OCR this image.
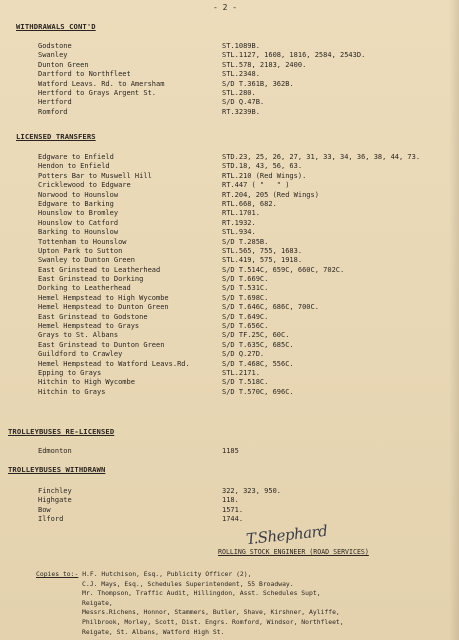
- 2 -
WITHDRAWALS CONT'D
Godstone	ST.1089B.
Swanley	STL.1127, 1608, 1816, 2584, 2543D.
Dunton Green	STL.578, 2183, 2400.
Dartford to Northfleet	STL.2348.
Watford Leavs. Rd. to Amersham	S/D T.361B, 362B.
Hertford to Grays Argent St.	STL.280.
Hertford	S/D Q.47B.
Romford	RT.3239B.
LICENSED TRANSFERS
Edgware to Enfield	STD.23, 25, 26, 27, 31, 33, 34, 36, 38, 44, 73.
Hendon to Enfield	STD.18, 43, 56, 63.
Potters Bar to Muswell Hill	RTL.210 (Red Wings).
Cricklewood to Edgware	RT.447 ( "   " )
Norwood to Hounslow	RT.204, 205 (Red Wings)
Edgware to Barking	RTL.668, 682.
Hounslow to Bromley	RTL.1701.
Hounslow to Catford	RT.1932.
Barking to Hounslow	STL.934.
Tottenham to Hounslow	S/D T.285B.
Upton Park to Sutton	STL.565, 755, 1683.
Swanley to Dunton Green	STL.419, 575, 1918.
East Grinstead to Leatherhead	S/D T.514C, 659C, 660C, 702C.
East Grinstead to Dorking	S/D T.669C.
Dorking to Leatherhead	S/D T.531C.
Hemel Hempstead to High Wycombe	S/D T.698C.
Hemel Hempstead to Dunton Green	S/D T.646C, 686C, 700C.
East Grinstead to Godstone	S/D T.649C.
Hemel Hempstead to Grays	S/D T.656C.
Grays to St. Albans	S/D TF.25C, 60C.
East Grinstead to Dunton Green	S/D T.635C, 685C.
Guildford to Crawley	S/D Q.27D.
Hemel Hempstead to Watford Leavs.Rd.	S/D T.468C, 556C.
Epping to Grays	STL.2171.
Hitchin to High Wycombe	S/D T.518C.
Hitchin to Grays	S/D T.570C, 696C.
TROLLEYBUSES RE-LICENSED
Edmonton	1185
TROLLEYBUSES WITHDRAWN
Finchley	322, 323, 950.
Highgate	118.
Bow	1571.
Ilford	1744.
T.Shephard
ROLLING STOCK ENGINEER (ROAD SERVICES)
Copies to:- H.F. Hutchison, Esq., Publicity Officer (2),
C.J. Mays, Esq., Schedules Superintendent, 55 Broadway.
Mr. Thompson, Traffic Audit, Hillingdon, Asst. Schedules Supt,
Reigate,
Messrs.Richens, Honnor, Stammers, Butler, Shave, Kirshner, Ayliffe,
Philbrook, Morley, Scott, Dist. Engrs. Romford, Windsor, Northfleet,
Reigate, St. Albans, Watford High St.
